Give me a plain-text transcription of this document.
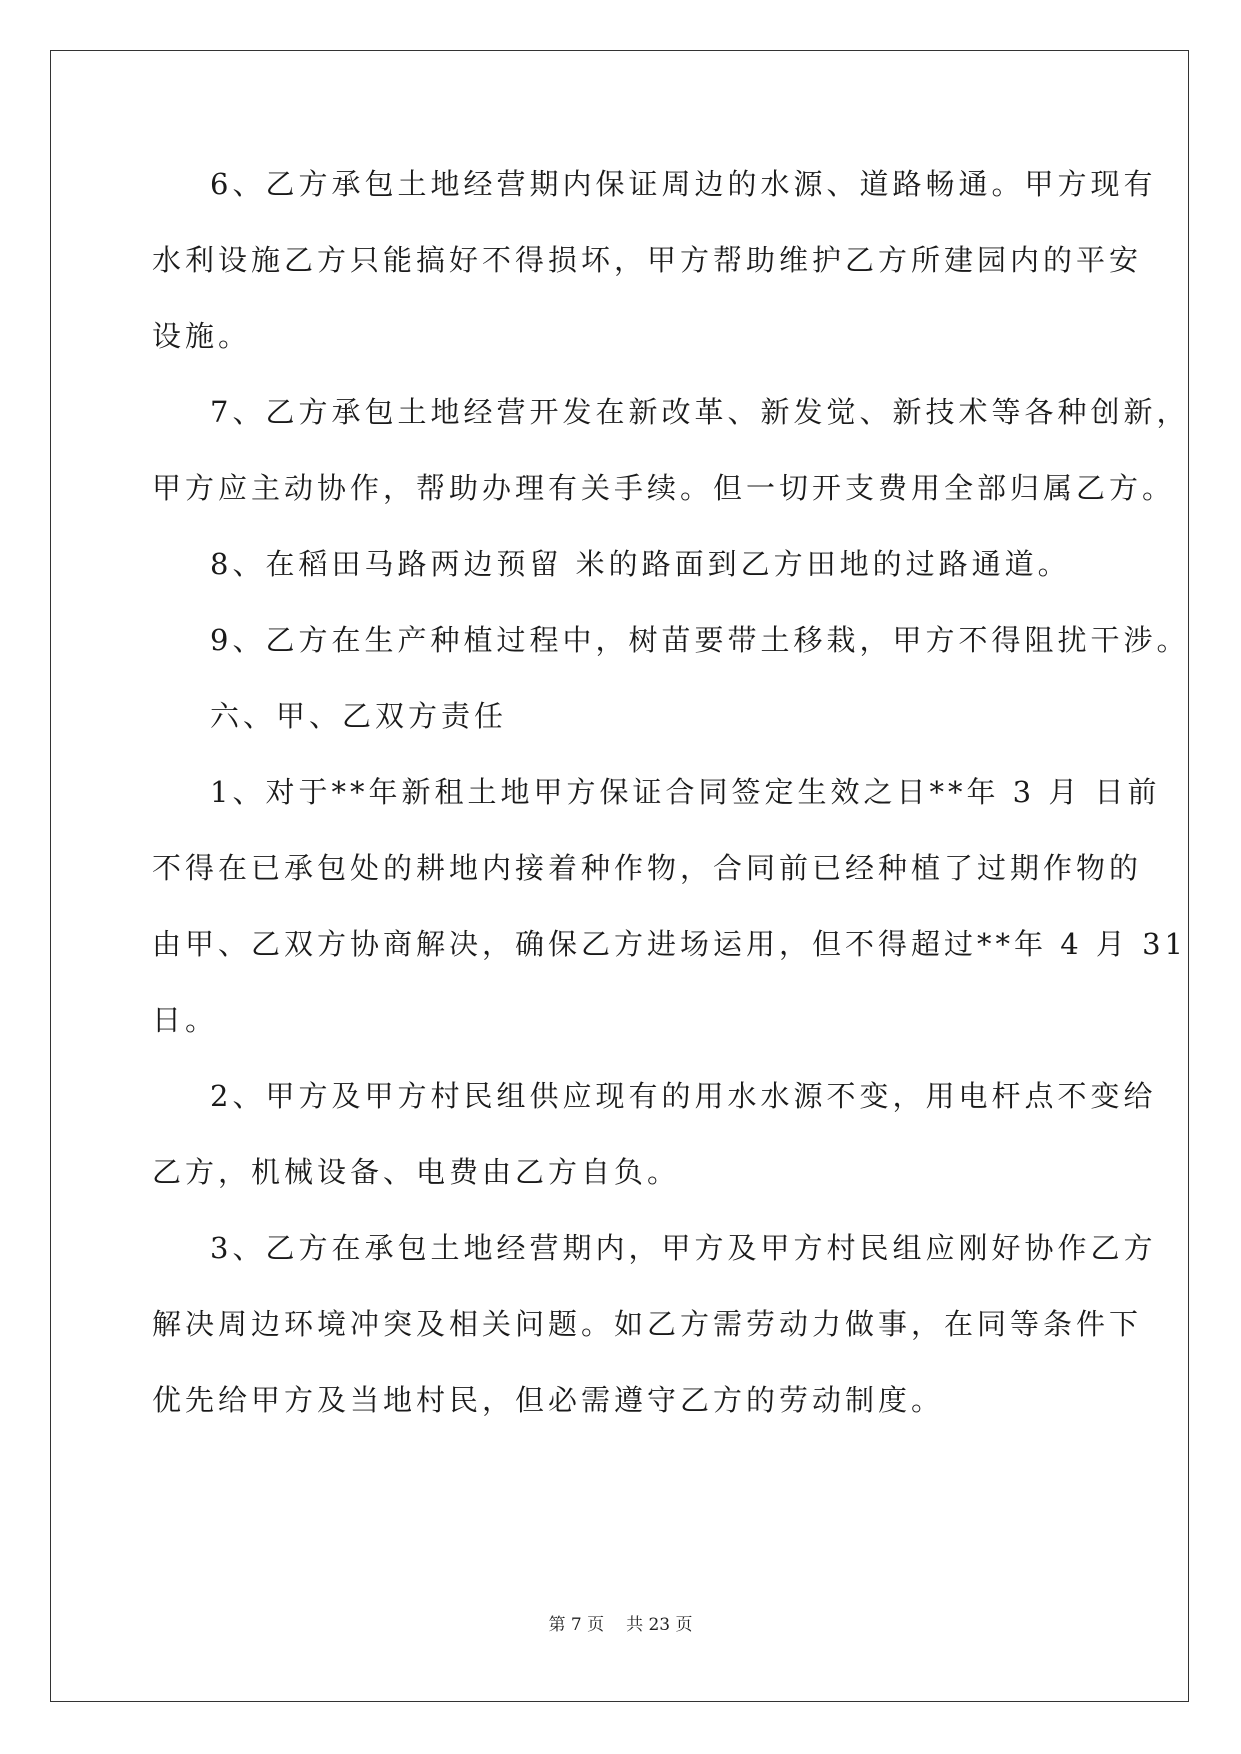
6、乙方承包土地经营期内保证周边的水源、道路畅通。甲方现有
水利设施乙方只能搞好不得损坏，甲方帮助维护乙方所建园内的平安
设施。
7、乙方承包土地经营开发在新改革、新发觉、新技术等各种创新，
甲方应主动协作，帮助办理有关手续。但一切开支费用全部归属乙方。
8、在稻田马路两边预留 米的路面到乙方田地的过路通道。
9、乙方在生产种植过程中，树苗要带土移栽，甲方不得阻扰干涉。
六、甲、乙双方责任
1、对于**年新租土地甲方保证合同签定生效之日**年 3 月 日前
不得在已承包处的耕地内接着种作物，合同前已经种植了过期作物的
由甲、乙双方协商解决，确保乙方进场运用，但不得超过**年 4 月 31
日。
2、甲方及甲方村民组供应现有的用水水源不变，用电杆点不变给
乙方，机械设备、电费由乙方自负。
3、乙方在承包土地经营期内，甲方及甲方村民组应刚好协作乙方
解决周边环境冲突及相关问题。如乙方需劳动力做事，在同等条件下
优先给甲方及当地村民，但必需遵守乙方的劳动制度。
第 7 页 共 23 页
